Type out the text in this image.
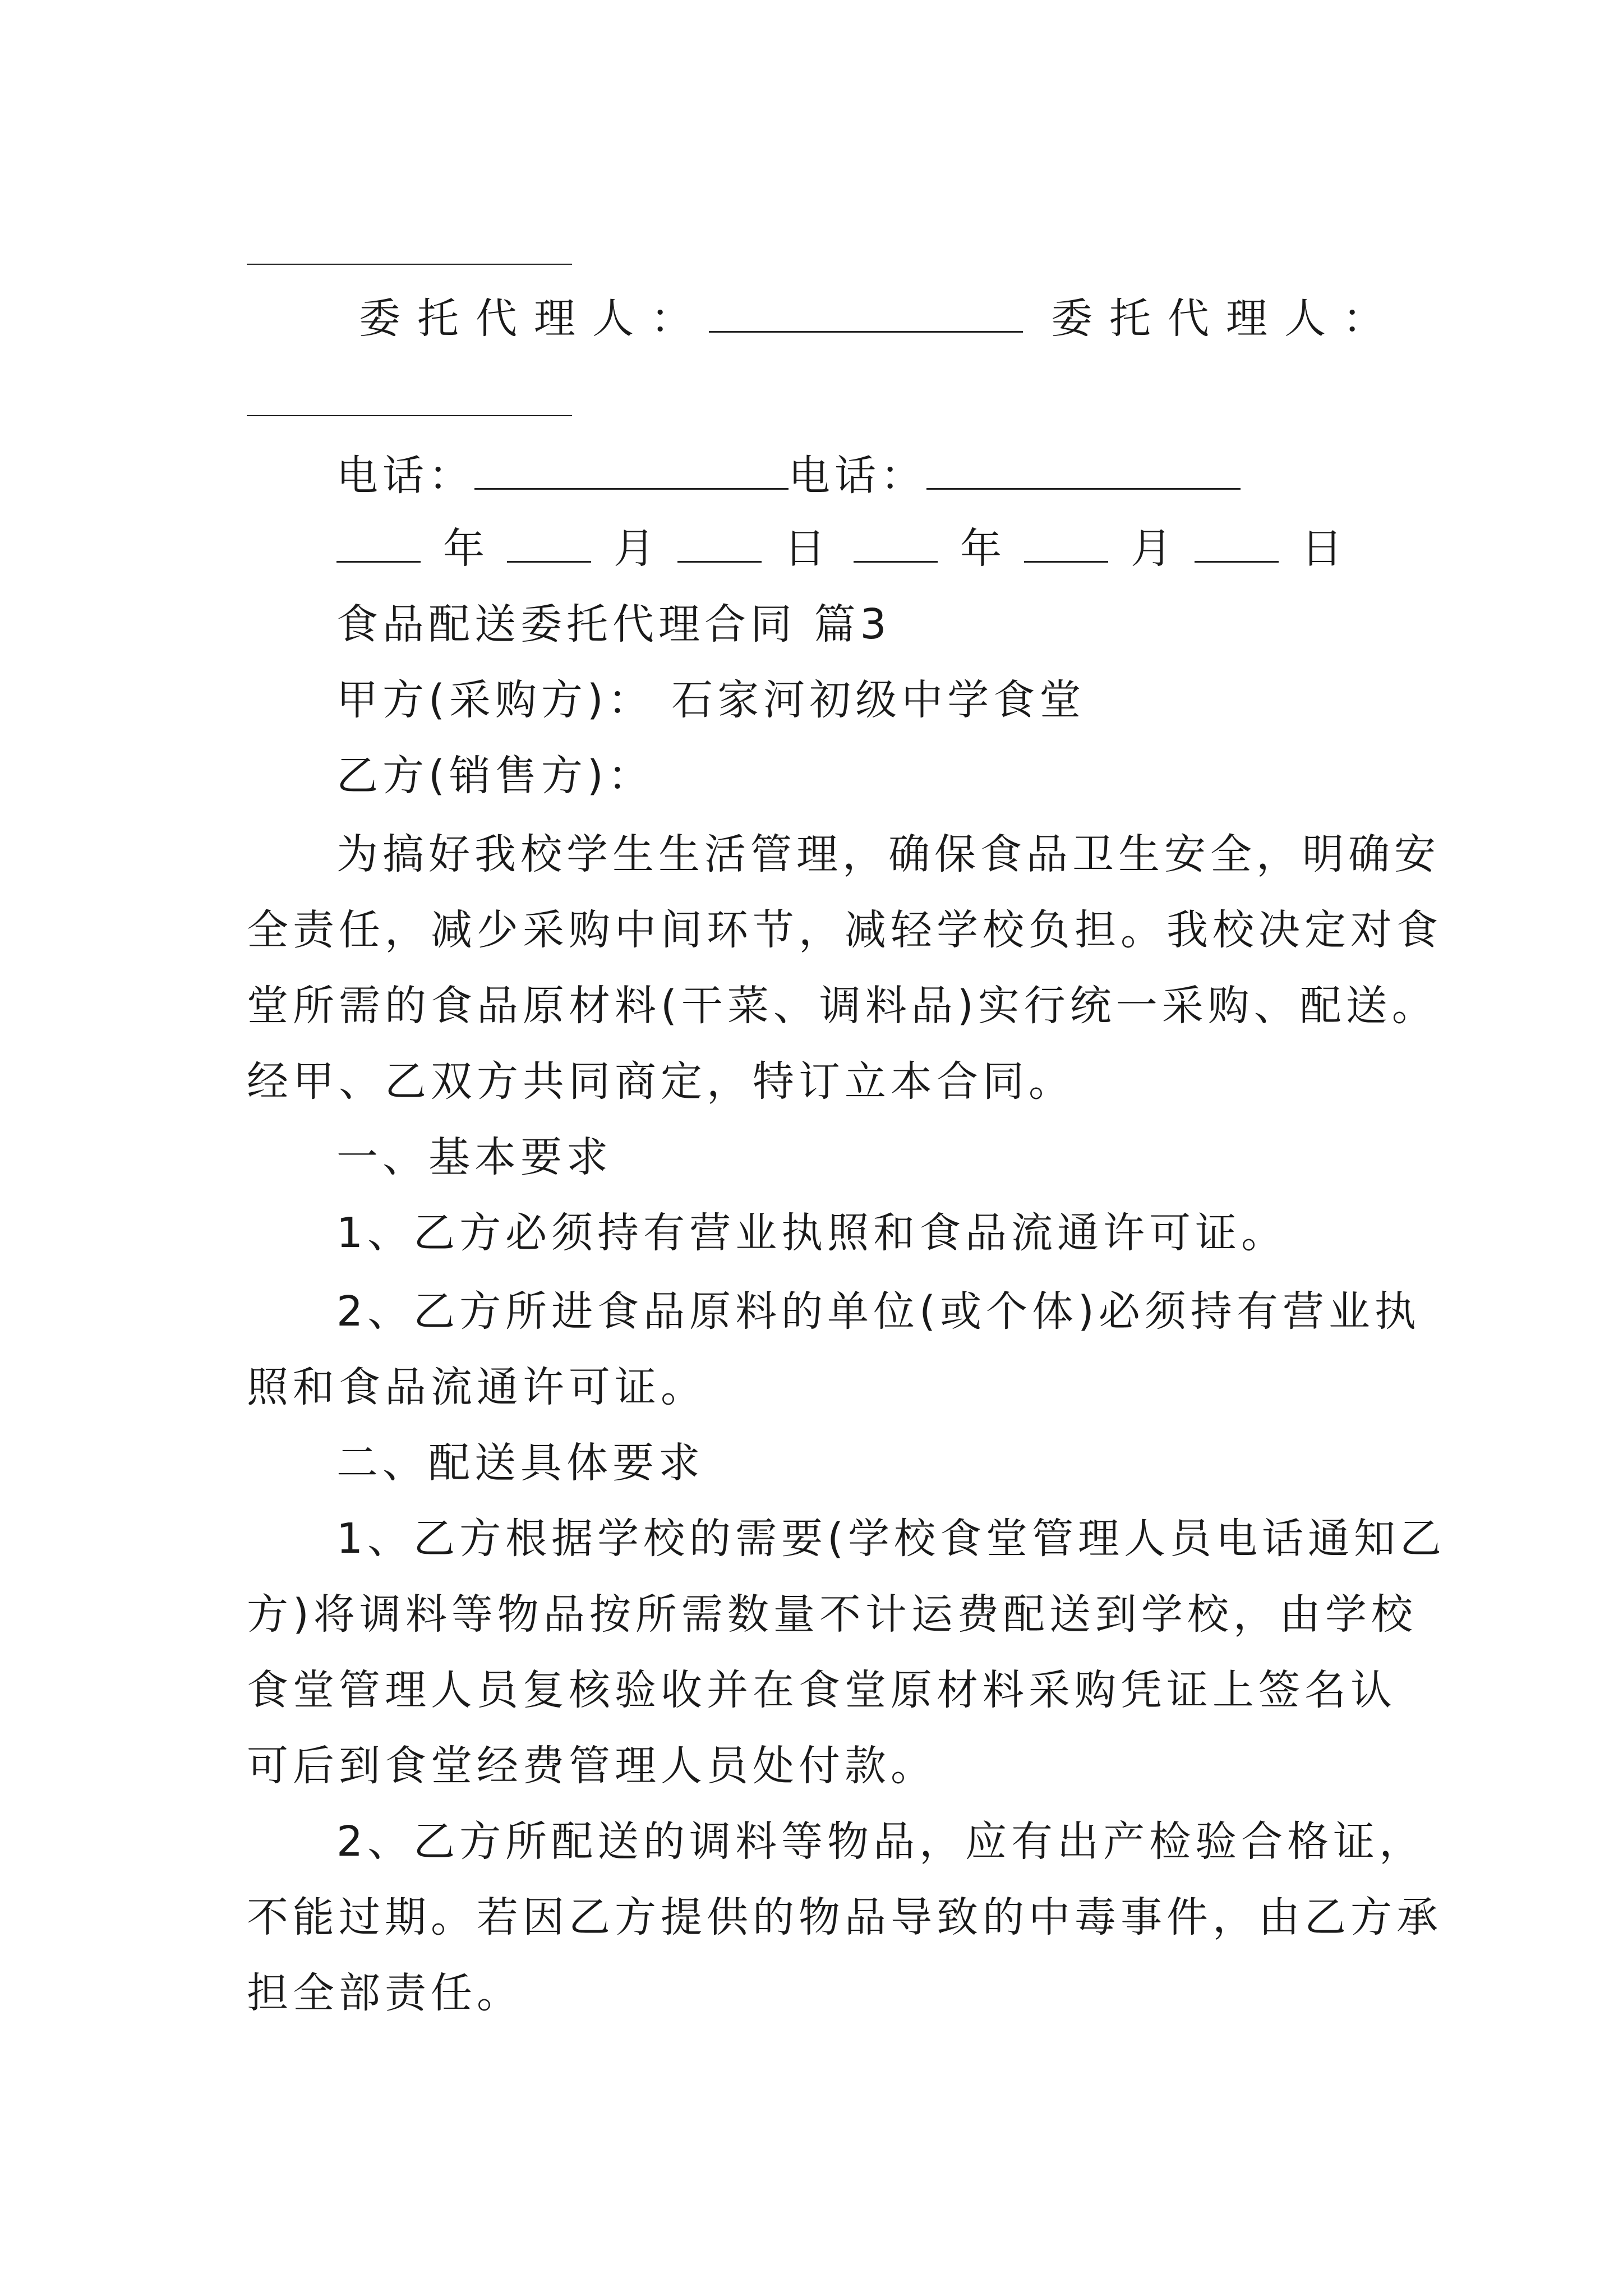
委托代理人：	委托代理人：
电话：	电话：
年	月	日	年	月	日
食品配送委托代理合同 篇3
甲方(采购方)： 石家河初级中学食堂
乙方(销售方)：
为搞好我校学生生活管理，确保食品卫生安全，明确安
全责任，减少采购中间环节，减轻学校负担。我校决定对食
堂所需的食品原材料(干菜、调料品)实行统一采购、配送。
经甲、乙双方共同商定，特订立本合同。
一、基本要求
1、乙方必须持有营业执照和食品流通许可证。
2、乙方所进食品原料的单位(或个体)必须持有营业执
照和食品流通许可证。
二、配送具体要求
1、乙方根据学校的需要(学校食堂管理人员电话通知乙
方)将调料等物品按所需数量不计运费配送到学校，由学校
食堂管理人员复核验收并在食堂原材料采购凭证上签名认
可后到食堂经费管理人员处付款。
2、乙方所配送的调料等物品，应有出产检验合格证，
不能过期。若因乙方提供的物品导致的中毒事件，由乙方承
担全部责任。
